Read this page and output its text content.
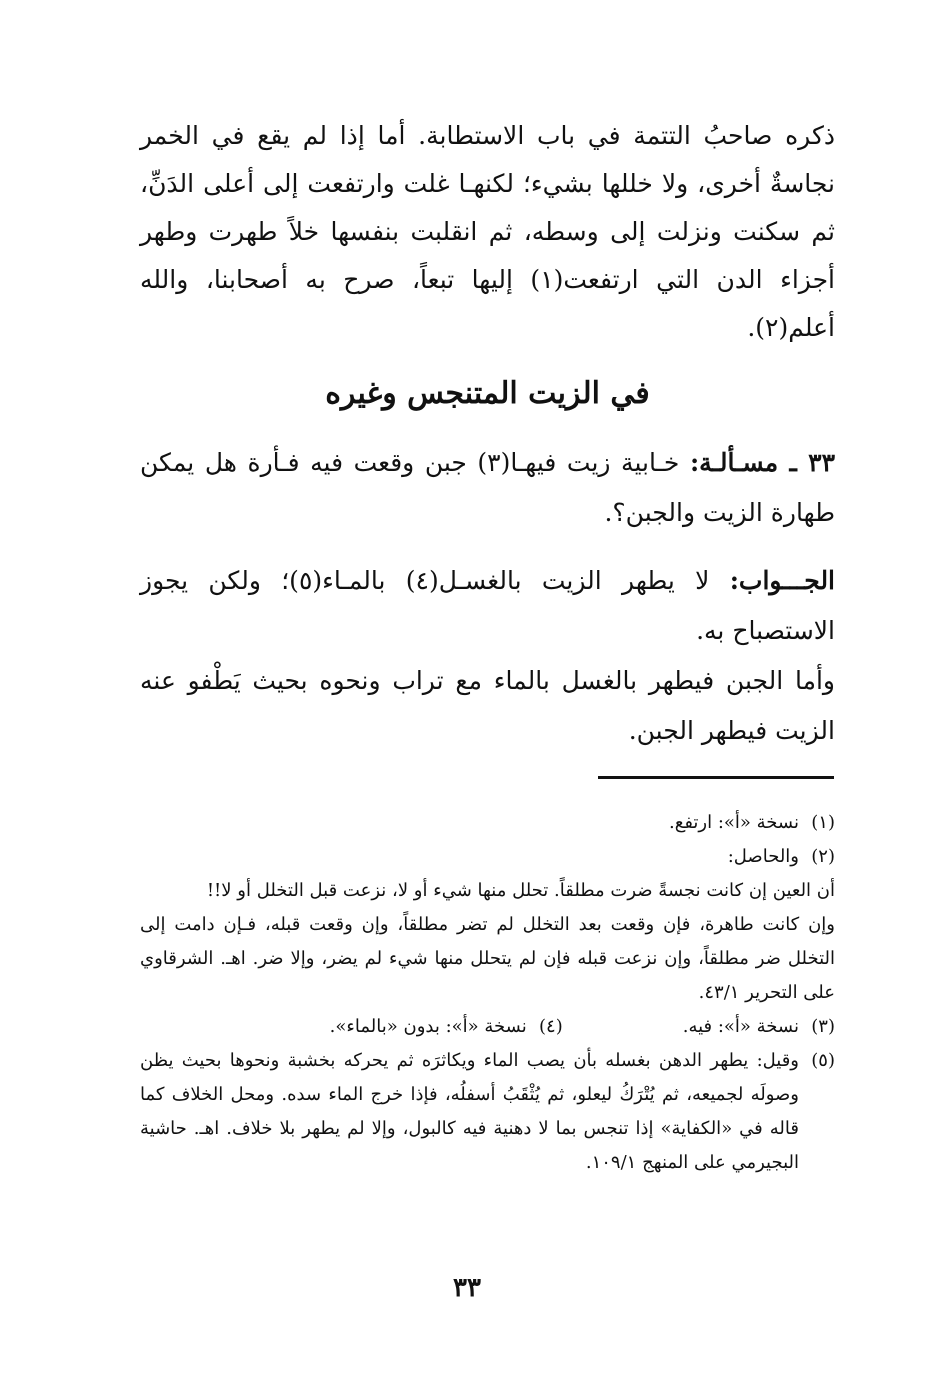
ذكره صاحبُ التتمة في باب الاستطابة. أما إذا لم يقع في الخمر نجاسةٌ أخرى، ولا خللها بشيء؛ لكنهـا غلت وارتفعت إلى أعلى الدَنِّ، ثم سكنت ونزلت إلى وسطه، ثم انقلبت بنفسها خلاً طهرت وطهر أجزاء الدن التي ارتفعت(١) إليها تبعاً، صرح به أصحابنا، والله أعلم(٢).

في الزيت المتنجس وغيره

٣٣ ـ مسـألـة: خـابية زيت فيهـا(٣) جبن وقعت فيه فـأرة هل يمكن طهارة الزيت والجبن؟.

الجـــواب: لا يطهر الزيت بالغسـل(٤) بالمـاء(٥)؛ ولكن يجوز الاستصباح به.

وأما الجبن فيطهر بالغسل بالماء مع تراب ونحوه بحيث يَطْفو عنه الزيت فيطهر الجبن.

(١)
نسخة «أ»: ارتفع.
(٢)
والحاصل:
أن العين إن كانت نجسةً ضرت مطلقاً. تحلل منها شيء أو لا، نزعت قبل التخلل أو لا!!
وإن كانت طاهرة، فإن وقعت بعد التخلل لم تضر مطلقاً، وإن وقعت قبله، فـإن دامت إلى التخلل ضر مطلقاً، وإن نزعت قبله فإن لم يتحلل منها شيء لم يضر، وإلا ضر. اهـ. الشرقاوي على التحرير ٤٣/١.
(٣)
نسخة «أ»: فيه.
(٤)
نسخة «أ»: بدون «بالماء».
(٥)
وقيل: يطهر الدهن بغسله بأن يصب الماء ويكاثرَه ثم يحركه بخشبة ونحوها بحيث يظن وصولَه لجميعه، ثم يُتْرَكُ ليعلو، ثم يُثْقَبُ أسفلُه، فإذا خرج الماء سده. ومحل الخلاف كما قاله في «الكفاية» إذا تنجس بما لا دهنية فيه كالبول، وإلا لم يطهر بلا خلاف. اهـ. حاشية البجيرمي على المنهج ١٠٩/١.
٣٣
